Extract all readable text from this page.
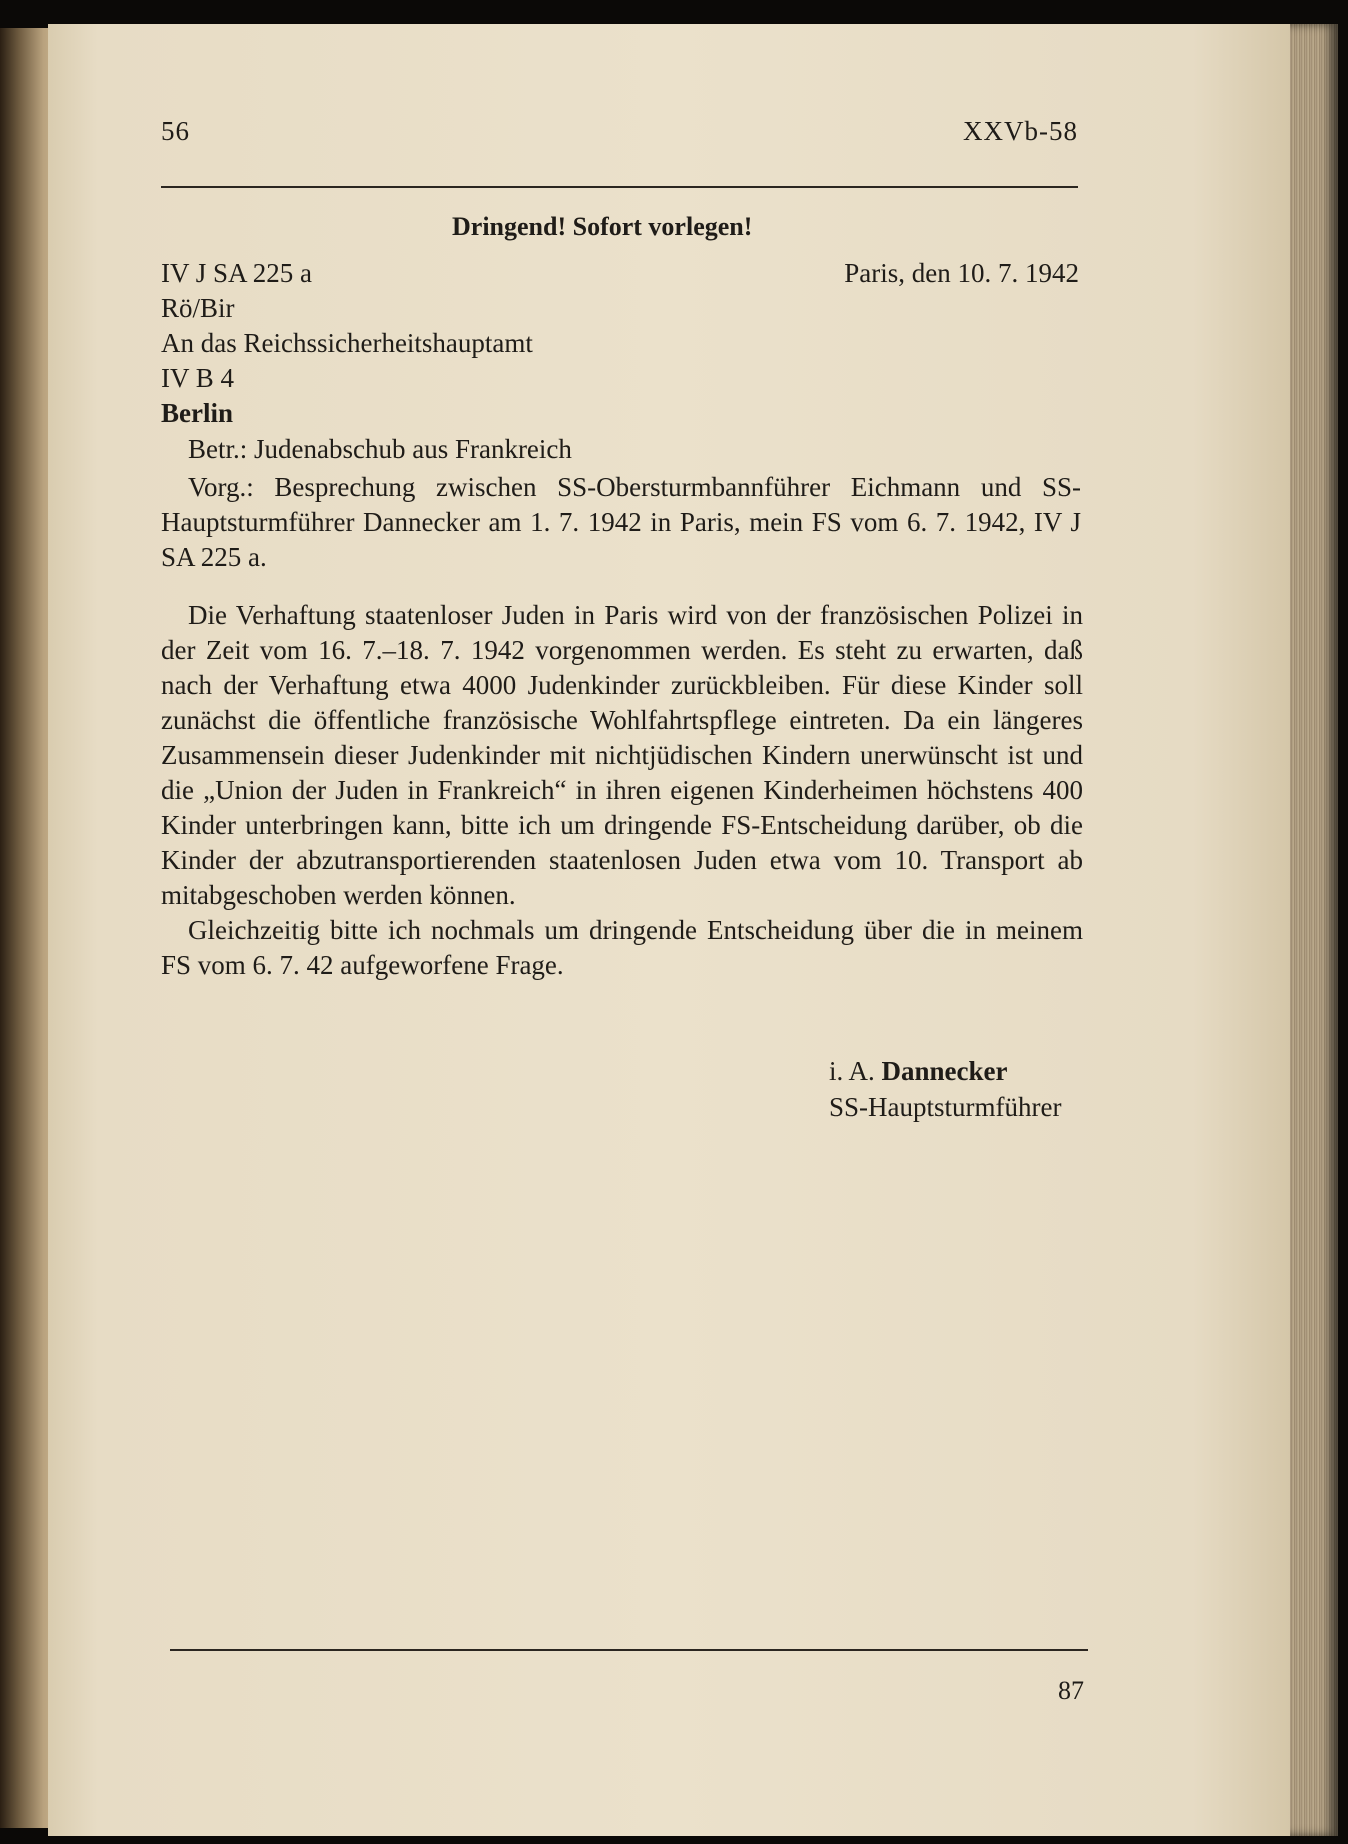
56	XXVb-58
Dringend! Sofort vorlegen!
IV J SA 225 a	Paris, den 10. 7. 1942
Rö/Bir
An das Reichssicherheitshauptamt
IV B 4
Berlin
Betr.: Judenabschub aus Frankreich

Vorg.: Besprechung zwischen SS-Obersturmbannführer Eichmann und SS-Hauptsturmführer Dannecker am 1. 7. 1942 in Paris, mein FS vom 6. 7. 1942, IV J SA 225 a.

Die Verhaftung staatenloser Juden in Paris wird von der französischen Polizei in der Zeit vom 16. 7.–18. 7. 1942 vorgenommen werden. Es steht zu erwarten, daß nach der Verhaftung etwa 4000 Judenkinder zurückbleiben. Für diese Kinder soll zunächst die öffentliche französische Wohlfahrtspflege eintreten. Da ein längeres Zusammensein dieser Judenkinder mit nichtjüdischen Kindern unerwünscht ist und die „Union der Juden in Frankreich“ in ihren eigenen Kinderheimen höchstens 400 Kinder unterbringen kann, bitte ich um dringende FS-Entscheidung darüber, ob die Kinder der abzutransportierenden staatenlosen Juden etwa vom 10. Transport ab mitabgeschoben werden können.

Gleichzeitig bitte ich nochmals um dringende Entscheidung über die in meinem FS vom 6. 7. 42 aufgeworfene Frage.

i. A. Dannecker
SS-Hauptsturmführer
87
